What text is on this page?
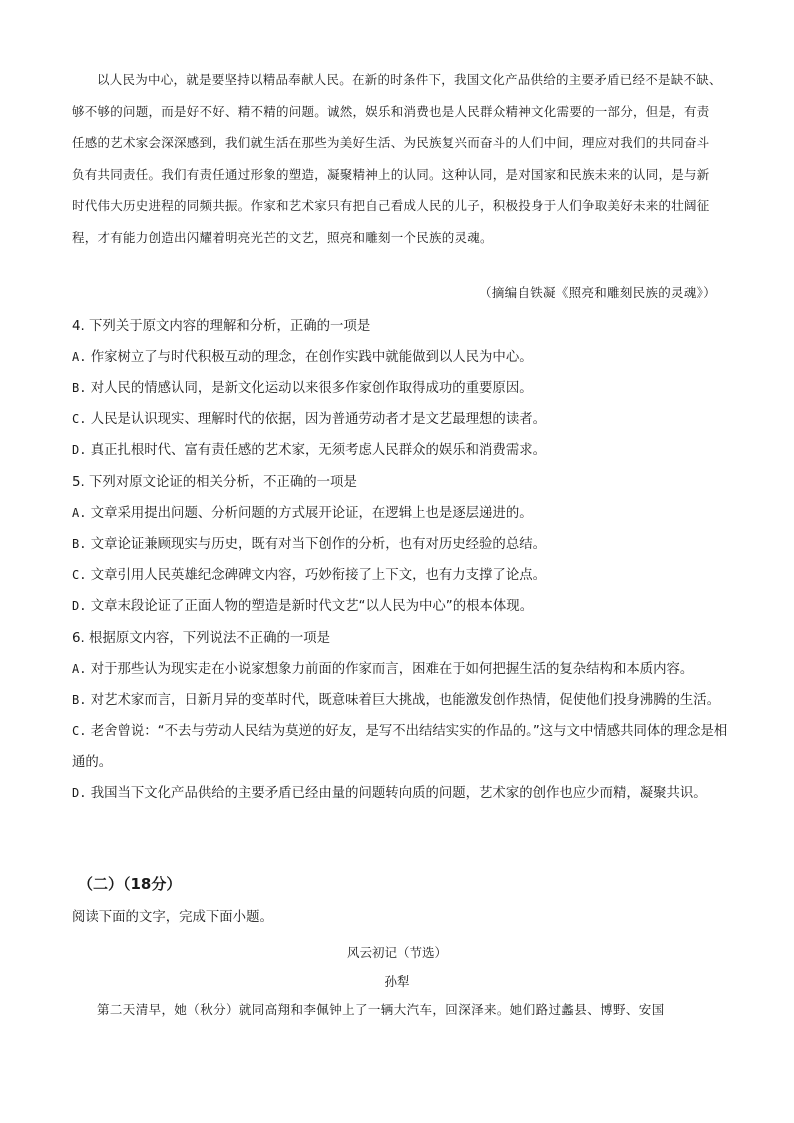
以人民为中心，就是要坚持以精品奉献人民。在新的时条件下，我国文化产品供给的主要矛盾已经不是缺不缺、够不够的问题，而是好不好、精不精的问题。诚然，娱乐和消费也是人民群众精神文化需要的一部分，但是，有责任感的艺术家会深深感到，我们就生活在那些为美好生活、为民族复兴而奋斗的人们中间，理应对我们的共同奋斗负有共同责任。我们有责任通过形象的塑造，凝聚精神上的认同。这种认同，是对国家和民族未来的认同，是与新时代伟大历史进程的同频共振。作家和艺术家只有把自己看成人民的儿子，积极投身于人们争取美好未来的壮阔征程，才有能力创造出闪耀着明亮光芒的文艺，照亮和雕刻一个民族的灵魂。

（摘编自铁凝《照亮和雕刻民族的灵魂》）

4. 下列关于原文内容的理解和分析，正确的一项是
A. 作家树立了与时代积极互动的理念，在创作实践中就能做到以人民为中心。
B. 对人民的情感认同，是新文化运动以来很多作家创作取得成功的重要原因。
C. 人民是认识现实、理解时代的依据，因为普通劳动者才是文艺最理想的读者。
D. 真正扎根时代、富有责任感的艺术家，无须考虑人民群众的娱乐和消费需求。
5. 下列对原文论证的相关分析，不正确的一项是
A. 文章采用提出问题、分析问题的方式展开论证，在逻辑上也是逐层递进的。
B. 文章论证兼顾现实与历史，既有对当下创作的分析，也有对历史经验的总结。
C. 文章引用人民英雄纪念碑碑文内容，巧妙衔接了上下文，也有力支撑了论点。
D. 文章末段论证了正面人物的塑造是新时代文艺“以人民为中心”的根本体现。
6. 根据原文内容，下列说法不正确的一项是
A. 对于那些认为现实走在小说家想象力前面的作家而言，困难在于如何把握生活的复杂结构和本质内容。
B. 对艺术家而言，日新月异的变革时代，既意味着巨大挑战，也能激发创作热情，促使他们投身沸腾的生活。
C. 老舍曾说：“不去与劳动人民结为莫逆的好友，是写不出结结实实的作品的。”这与文中情感共同体的理念是相通的。
D. 我国当下文化产品供给的主要矛盾已经由量的问题转向质的问题，艺术家的创作也应少而精，凝聚共识。

（二）（18分）

阅读下面的文字，完成下面小题。

风云初记（节选）

孙犁

第二天清早，她（秋分）就同高翔和李佩钟上了一辆大汽车，回深泽来。她们路过蠡县、博野、安国
